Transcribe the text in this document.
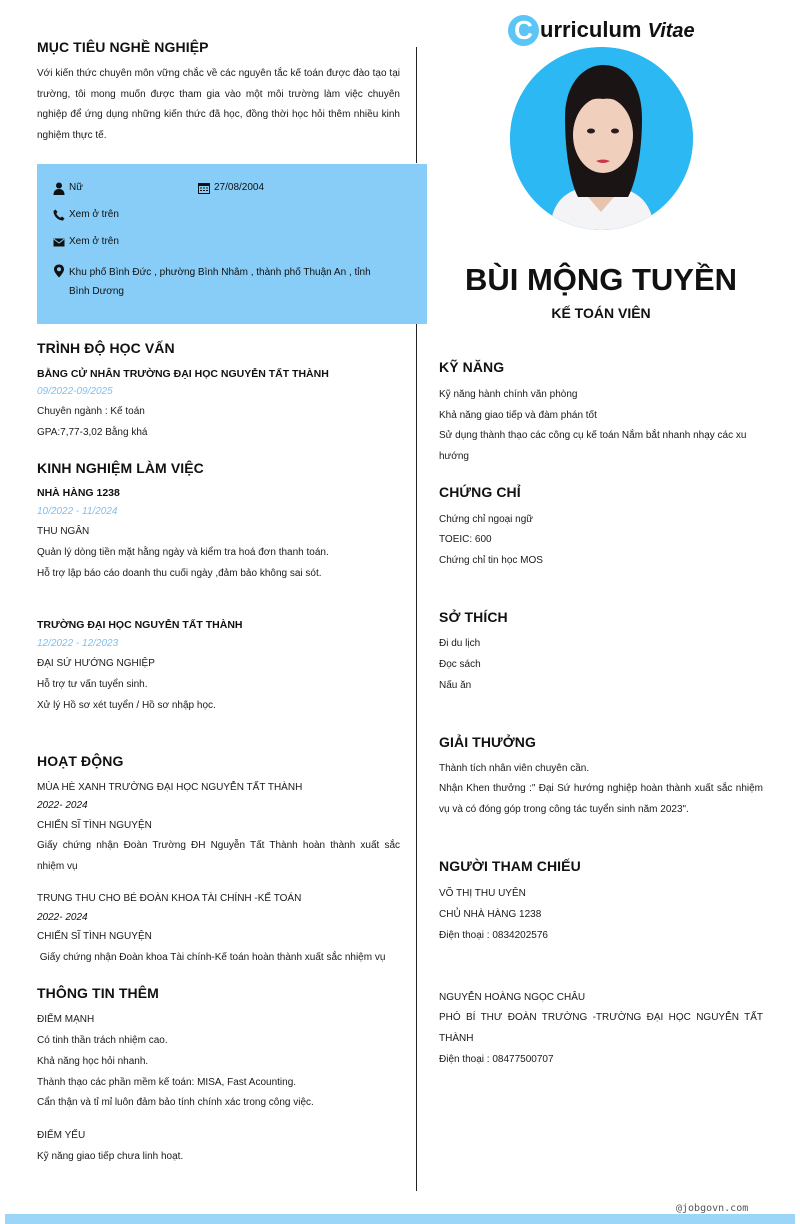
C urriculum Vitae
BÙI MỘNG TUYỀN
KẾ TOÁN VIÊN
MỤC TIÊU NGHỀ NGHIỆP
Với kiến thức chuyên môn vững chắc về các nguyên tắc kế toán được đào tạo tại trường, tôi mong muốn được tham gia vào một môi trường làm việc chuyên nghiệp để ứng dụng những kiến thức đã học, đồng thời học hỏi thêm nhiều kinh nghiệm thực tế.
Nữ	27/08/2004
Xem ở trên
Xem ở trên
Khu phố Bình Đức , phường Bình Nhâm , thành phố Thuận An , tỉnh Bình Dương
TRÌNH ĐỘ HỌC VẤN
BẰNG CỬ NHÂN TRƯỜNG ĐẠI HỌC NGUYỄN TẤT THÀNH
09/2022-09/2025
Chuyên ngành : Kế toán
GPA:7,77-3,02 Bằng khá
KINH NGHIỆM LÀM VIỆC
NHÀ HÀNG 1238
10/2022 - 11/2024
THU NGÂN
Quản lý dòng tiền mặt hằng ngày và kiểm tra hoá đơn thanh toán.
Hỗ trợ lập báo cáo doanh thu cuối ngày ,đảm bảo không sai sót.
TRƯỜNG ĐẠI HỌC NGUYỄN TẤT THÀNH
12/2022 - 12/2023
ĐẠI SỨ HƯỚNG NGHIỆP
Hỗ trợ tư vấn tuyển sinh.
Xử lý Hồ sơ xét tuyển / Hồ sơ nhập học.
HOẠT ĐỘNG
MÙA HÈ XANH TRƯỜNG ĐẠI HỌC NGUYỄN TẤT THÀNH
2022- 2024
CHIẾN SĨ TÌNH NGUYỆN
Giấy chứng nhận Đoàn Trường ĐH Nguyễn Tất Thành hoàn thành xuất sắc nhiệm vụ
TRUNG THU CHO BÉ ĐOÀN KHOA TÀI CHÍNH -KẾ TOÁN
2022- 2024
CHIẾN SĨ TÌNH NGUYỆN
Giấy chứng nhận Đoàn khoa Tài chính-Kế toán hoàn thành xuất sắc nhiệm vụ
THÔNG TIN THÊM
ĐIỂM MẠNH
Có tinh thần trách nhiệm cao.
Khả năng học hỏi nhanh.
Thành thạo các phần mềm kế toán: MISA, Fast Acounting.
Cẩn thận và tỉ mỉ luôn đảm bảo tính chính xác trong công việc.
ĐIỂM YẾU
Kỹ năng giao tiếp chưa linh hoạt.
KỸ NĂNG
Kỹ năng hành chính văn phòng
Khả năng giao tiếp và đàm phán tốt
Sử dụng thành thạo các công cụ kế toán Nắm bắt nhanh nhạy các xu hướng
CHỨNG CHỈ
Chứng chỉ ngoại ngữ
TOEIC: 600
Chứng chỉ tin học MOS
SỞ THÍCH
Đi du lịch
Đọc sách
Nấu ăn
GIẢI THƯỞNG
Thành tích nhân viên chuyên cần.
Nhận Khen thưởng :" Đại Sứ hướng nghiệp hoàn thành xuất sắc nhiệm vụ và có đóng góp trong công tác tuyển sinh năm 2023".
NGƯỜI THAM CHIẾU
VÕ THỊ THU UYÊN
CHỦ NHÀ HÀNG 1238
Điện thoại : 0834202576
NGUYỄN HOÀNG NGỌC CHÂU
PHÓ BÍ THƯ ĐOÀN TRƯỜNG -TRƯỜNG ĐẠI HỌC NGUYỄN TẤT THÀNH
Điện thoại : 08477500707
@jobgovn.com
